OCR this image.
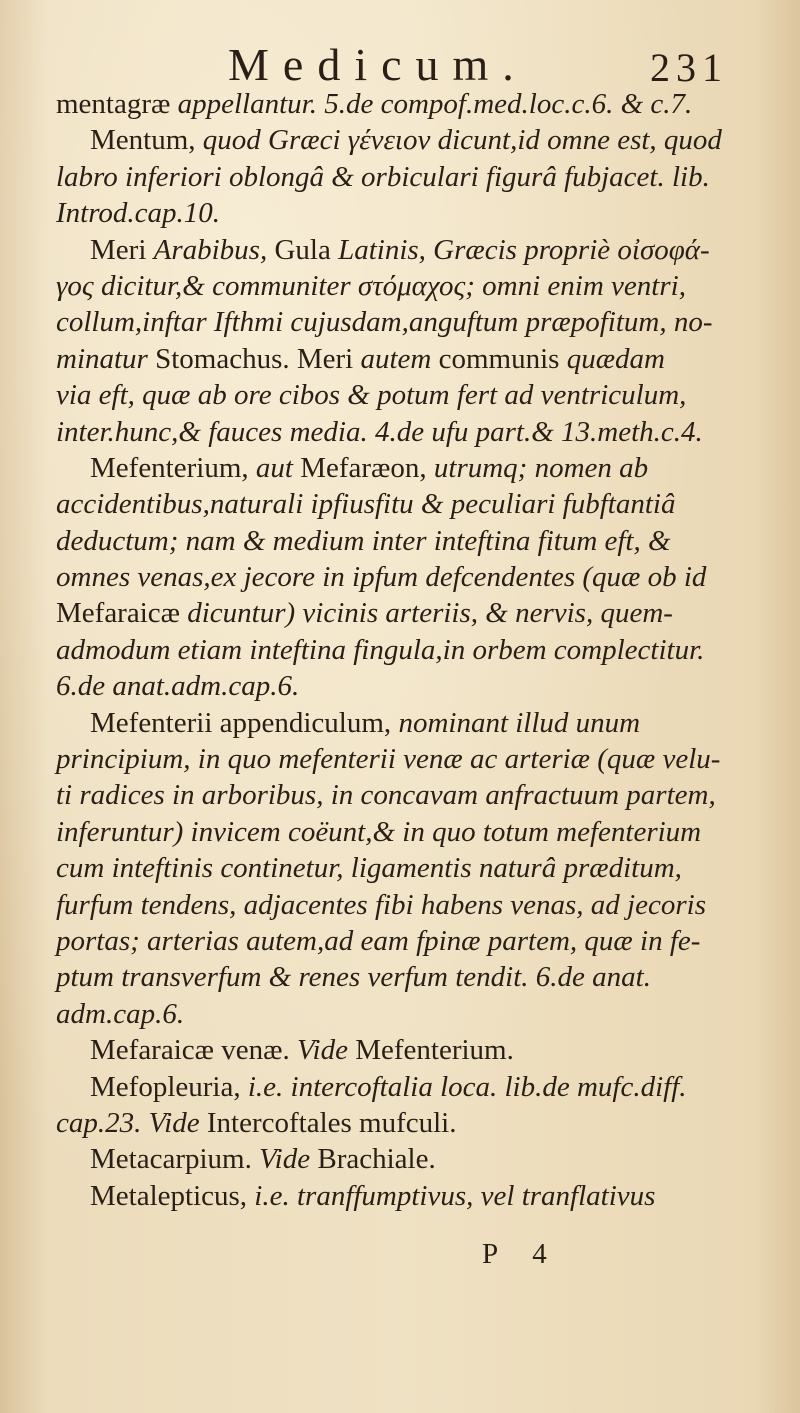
Medicum.	231
mentagræ appellantur. 5.de compof.med.loc.c.6. & c.7.
Mentum, quod Græci γένειον dicunt,id omne est, quod
labro inferiori oblongâ & orbiculari figurâ fubjacet. lib.
Introd.cap.10.
Meri Arabibus, Gula Latinis, Græcis propriè οἰσοφά-
γος dicitur,& communiter στόμαχος; omni enim ventri,
collum,inftar Ifthmi cujusdam,anguftum præpofitum, no-
minatur Stomachus. Meri autem communis quædam
via eft, quæ ab ore cibos & potum fert ad ventriculum,
inter.hunc,& fauces media. 4.de ufu part.& 13.meth.c.4.
Mefenterium, aut Mefaræon, utrumq; nomen ab
accidentibus,naturali ipfiusfitu & peculiari fubftantiâ
deductum; nam & medium inter inteftina fitum eft, &
omnes venas,ex jecore in ipfum defcendentes (quæ ob id
Mefaraicæ dicuntur) vicinis arteriis, & nervis, quem-
admodum etiam inteftina fingula,in orbem complectitur.
6.de anat.adm.cap.6.
Mefenterii appendiculum, nominant illud unum
principium, in quo mefenterii venæ ac arteriæ (quæ velu-
ti radices in arboribus, in concavam anfractuum partem,
inferuntur) invicem coëunt,& in quo totum mefenterium
cum inteftinis continetur, ligamentis naturâ præditum,
furfum tendens, adjacentes fibi habens venas, ad jecoris
portas; arterias autem,ad eam fpinæ partem, quæ in fe-
ptum transverfum & renes verfum tendit. 6.de anat.
adm.cap.6.
Mefaraicæ venæ. Vide Mefenterium.
Mefopleuria, i.e. intercoftalia loca. lib.de mufc.diff.
cap.23. Vide Intercoftales mufculi.
Metacarpium. Vide Brachiale.
Metalepticus, i.e. tranffumptivus, vel tranflativus
P 4
